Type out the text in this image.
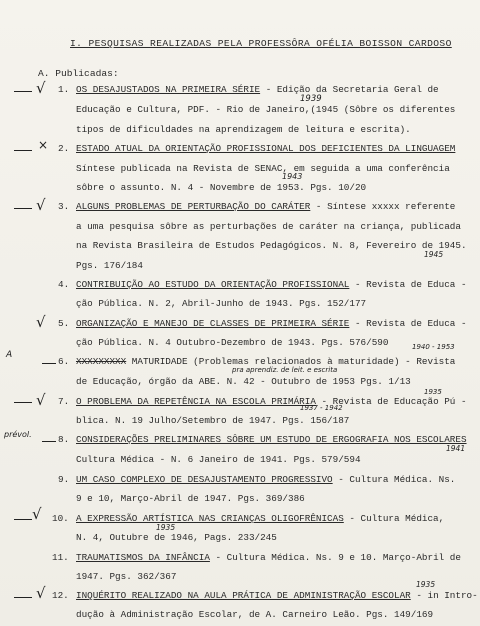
I. PESQUISAS REALIZADAS PELA PROFESSÔRA OFÉLIA BOISSON CARDOSO
A. Publicadas:
1. OS DESAJUSTADOS NA PRIMEIRA SÉRIE - Edição da Secretaria Geral de
Educação e Cultura, PDF. - Rio de Janeiro,(1945 (Sôbre os diferentes
tipos de dificuldades na aprendizagem de leitura e escrita).
2. ESTADO ATUAL DA ORIENTAÇÃO PROFISSIONAL DOS DEFICIENTES DA LINGUAGEM
Síntese publicada na Revista de SENAC, em seguida a uma conferência
sôbre o assunto. N. 4 - Novembre de 1953. Pgs. 10/20
3. ALGUNS PROBLEMAS DE PERTURBAÇÃO DO CARÁTER - Síntese xxxxx referente
a uma pesquisa sôbre as perturbações de caráter na criança, publicada
na Revista Brasileira de Estudos Pedagógicos. N. 8, Fevereiro de 1945.
Pgs. 176/184
4. CONTRIBUIÇÃO AO ESTUDO DA ORIENTAÇÃO PROFISSIONAL - Revista de Educa -
ção Pública. N. 2, Abril-Junho de 1943. Pgs. 152/177
5. ORGANIZAÇÃO E MANEJO DE CLASSES DE PRIMEIRA SÉRIE - Revista de Educa -
ção Pública. N. 4 Outubro-Dezembro de 1943. Pgs. 576/590
6. XXXXXXXXX MATURIDADE (Problemas relacionados à maturidade) - Revista
de Educação, órgão da ABE. N. 42 - Outubro de 1953 Pgs. 1/13
7. O PROBLEMA DA REPETÊNCIA NA ESCOLA PRIMÁRIA - Revista de Educação Pú -
blica. N. 19 Julho/Setembro de 1947. Pgs. 156/187
8. CONSIDERAÇÕES PRELIMINARES SÔBRE UM ESTUDO DE ERGOGRAFIA NOS ESCOLARES
Cultura Médica - N. 6 Janeiro de 1941. Pgs. 579/594
9. UM CASO COMPLEXO DE DESAJUSTAMENTO PROGRESSIVO - Cultura Médica. Ns.
9 e 10, Março-Abril de 1947. Pgs. 369/386
10. A EXPRESSÃO ARTÍSTICA NAS CRIANÇAS OLIGOFRÊNICAS - Cultura Médica,
N. 4, Outubre de 1946, Pags. 233/245
11. TRAUMATISMOS DA INFÂNCIA - Cultura Médica. Ns. 9 e 10. Março-Abril de
1947. Pgs. 362/367
12. INQUÉRITO REALIZADO NA AULA PRÁTICA DE ADMINISTRAÇÃO ESCOLAR - in Intro-
dução à Administração Escolar, de A. Carneiro Leão. Pgs. 149/169
√
×
√
√
√
√
√
1939
1943
1945
1940 - 1953
pra aprendiz. de leit. e escrita
A
1937 - 1942
1935
prévol.
1941
1935
1935
